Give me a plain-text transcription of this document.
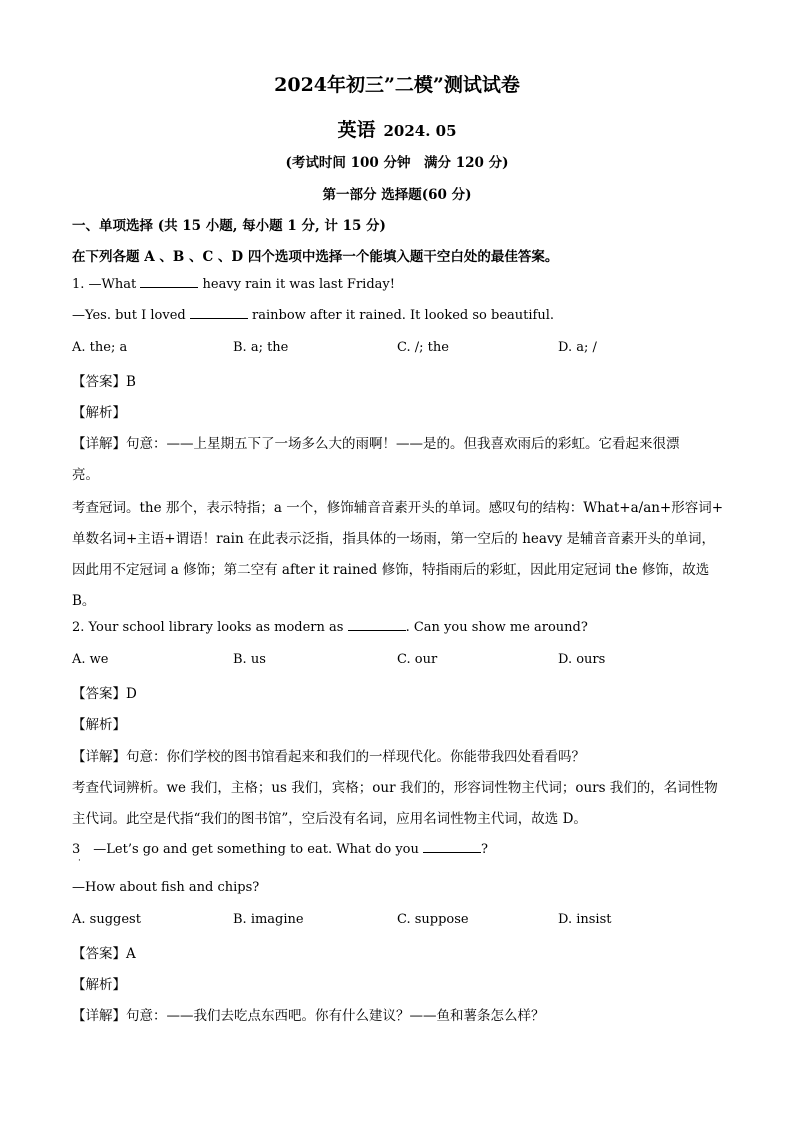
2024年初三”二模”测试试卷
英语 2024. 05
(考试时间 100 分钟　满分 120 分)
第一部分 选择题(60 分)
一、单项选择 (共 15 小题, 每小题 1 分, 计 15 分)
在下列各题 A 、B 、C 、D 四个选项中选择一个能填入题干空白处的最佳答案。
1. —What	heavy rain it was last Friday!
—Yes. but I loved	rainbow after it rained. It looked so beautiful.
A. the; a	B. a; the	C. /; the	D. a; /
【答案】B
【解析】
【详解】句意：——上星期五下了一场多么大的雨啊！——是的。但我喜欢雨后的彩虹。它看起来很漂
亮。
考查冠词。the 那个，表示特指；a 一个，修饰辅音音素开头的单词。感叹句的结构：What+a/an+形容词+
单数名词+主语+谓语！rain 在此表示泛指，指具体的一场雨，第一空后的 heavy 是辅音音素开头的单词，
因此用不定冠词 a 修饰；第二空有 after it rained 修饰，特指雨后的彩虹，因此用定冠词 the 修饰，故选
B。
2. Your school library looks as modern as	. Can you show me around?
A. we	B. us	C. our	D. ours
【答案】D
【解析】
【详解】句意：你们学校的图书馆看起来和我们的一样现代化。你能带我四处看看吗？
考查代词辨析。we 我们，主格；us 我们，宾格；our 我们的，形容词性物主代词；ours 我们的，名词性物
主代词。此空是代指“我们的图书馆”，空后没有名词，应用名词性物主代词，故选 D。
3　—Let’s go and get something to eat. What do you	?
·
—How about fish and chips?
A. suggest	B. imagine	C. suppose	D. insist
【答案】A
【解析】
【详解】句意：——我们去吃点东西吧。你有什么建议？——鱼和薯条怎么样？
